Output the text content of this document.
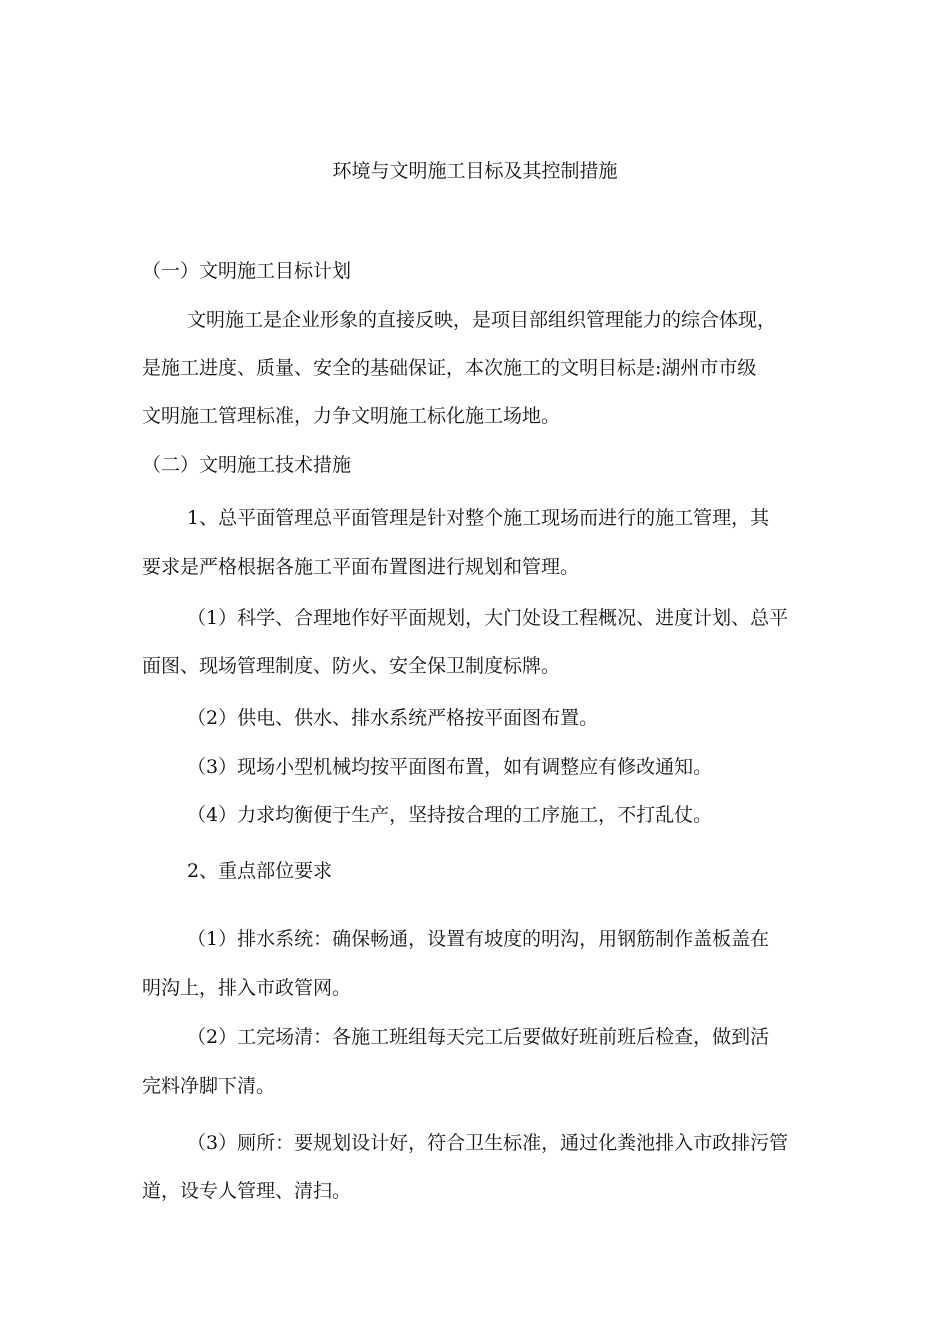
环境与文明施工目标及其控制措施
（一）文明施工目标计划
文明施工是企业形象的直接反映，是项目部组织管理能力的综合体现，
是施工进度、质量、安全的基础保证，本次施工的文明目标是:湖州市市级
文明施工管理标准，力争文明施工标化施工场地。
（二）文明施工技术措施
1、总平面管理总平面管理是针对整个施工现场而进行的施工管理，其
要求是严格根据各施工平面布置图进行规划和管理。
（1）科学、合理地作好平面规划，大门处设工程概况、进度计划、总平
面图、现场管理制度、防火、安全保卫制度标牌。
（2）供电、供水、排水系统严格按平面图布置。
（3）现场小型机械均按平面图布置，如有调整应有修改通知。
（4）力求均衡便于生产，坚持按合理的工序施工，不打乱仗。
2、重点部位要求
（1）排水系统：确保畅通，设置有坡度的明沟，用钢筋制作盖板盖在
明沟上，排入市政管网。
（2）工完场清：各施工班组每天完工后要做好班前班后检查，做到活
完料净脚下清。
（3）厕所：要规划设计好，符合卫生标准，通过化粪池排入市政排污管
道，设专人管理、清扫。
